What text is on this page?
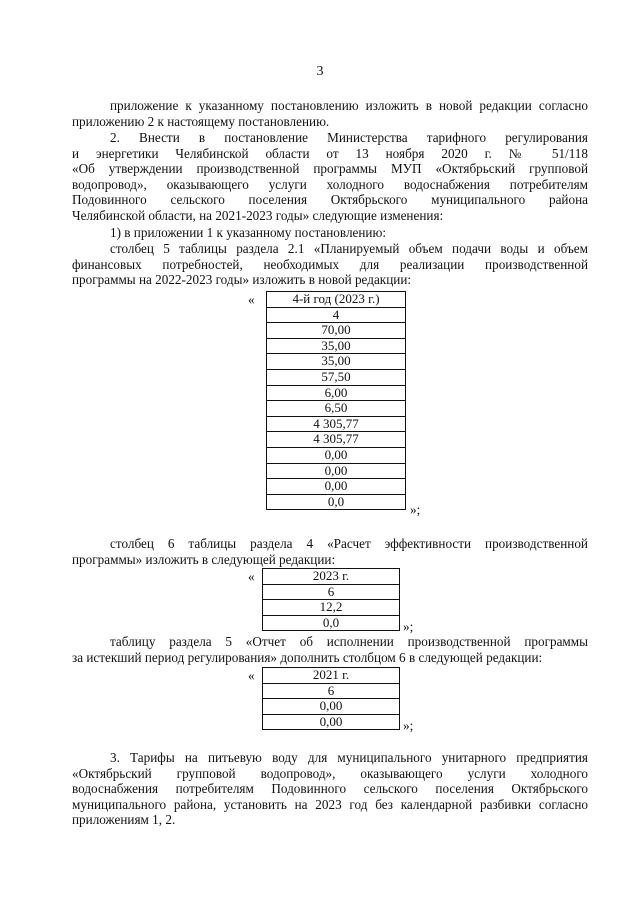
3
приложение к указанному постановлению изложить в новой редакции согласно
приложению 2 к настоящему постановлению.
2. Внести в постановление Министерства тарифного регулирования
и энергетики Челябинской области от 13 ноября 2020 г. № 51/118
«Об утверждении производственной программы МУП «Октябрьский групповой
водопровод», оказывающего услуги холодного водоснабжения потребителям
Подовинного сельского поселения Октябрьского муниципального района
Челябинской области, на 2021-2023 годы» следующие изменения:
1) в приложении 1 к указанному постановлению:
столбец 5 таблицы раздела 2.1 «Планируемый объем подачи воды и объем
финансовых потребностей, необходимых для реализации производственной
программы на 2022-2023 годы» изложить в новой редакции:
«	4-й год (2023 г.)
4
70,00
35,00
35,00
57,50
6,00
6,50
4 305,77
4 305,77
0,00
0,00
0,00
0,0
»;
столбец 6 таблицы раздела 4 «Расчет эффективности производственной
программы» изложить в следующей редакции:
«	2023 г.
6
12,2
0,0	»;
таблицу раздела 5 «Отчет об исполнении производственной программы
за истекший период регулирования» дополнить столбцом 6 в следующей редакции:
«	2021 г.
6
0,00
0,00	»;
3. Тарифы на питьевую воду для муниципального унитарного предприятия
«Октябрьский групповой водопровод», оказывающего услуги холодного
водоснабжения потребителям Подовинного сельского поселения Октябрьского
муниципального района, установить на 2023 год без календарной разбивки согласно
приложениям 1, 2.
